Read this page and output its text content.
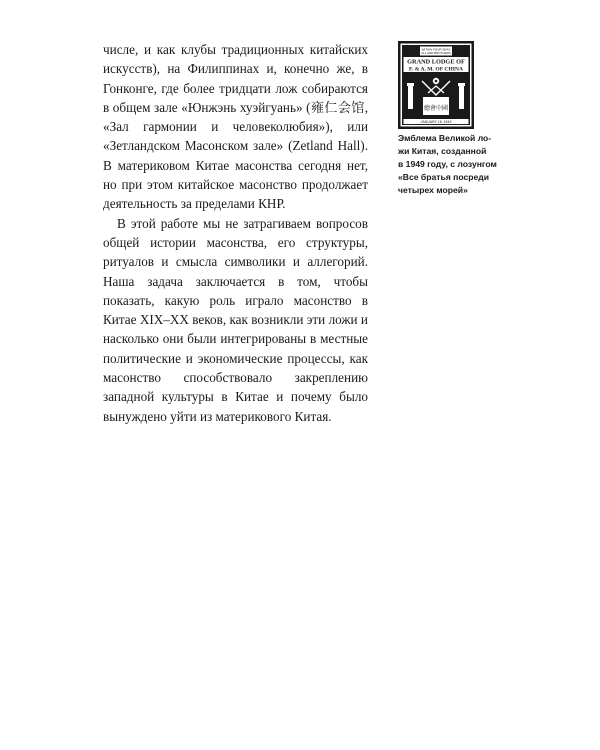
числе, и как клубы традиционных китайских искусств), на Филиппинах и, конечно же, в Гонконге, где более тридцати лож собираются в общем зале «Юнжэнь хуэйгуань» (雍仁会馆, «Зал гармонии и человеколюбия»), или «Зетландском Масонском зале» (Zetland Hall). В материковом Китае масонства сегодня нет, но при этом китайское масонство продолжает деятельность за пределами КНР.

В этой работе мы не затрагиваем вопросов общей истории масонства, его структуры, ритуалов и смысла символики и аллегорий. Наша задача заключается в том, чтобы показать, какую роль играло масонство в Китае XIX–XX веков, как возникли эти ложи и насколько они были интегрированы в местные политические и экономические процессы, как масонство способствовало закреплению западной культуры в Китае и почему было вынуждено уйти из материкового Китая.

WITHIN FOUR SEAS
ALL ARE BROTHERS
GRAND LODGE OF
F. & A. M. OF CHINA
總會中國
JANUARY 16, 1949
Эмблема Великой ло-
жи Китая, созданной
в 1949 году, с лозунгом
«Все братья посреди
четырех морей»
